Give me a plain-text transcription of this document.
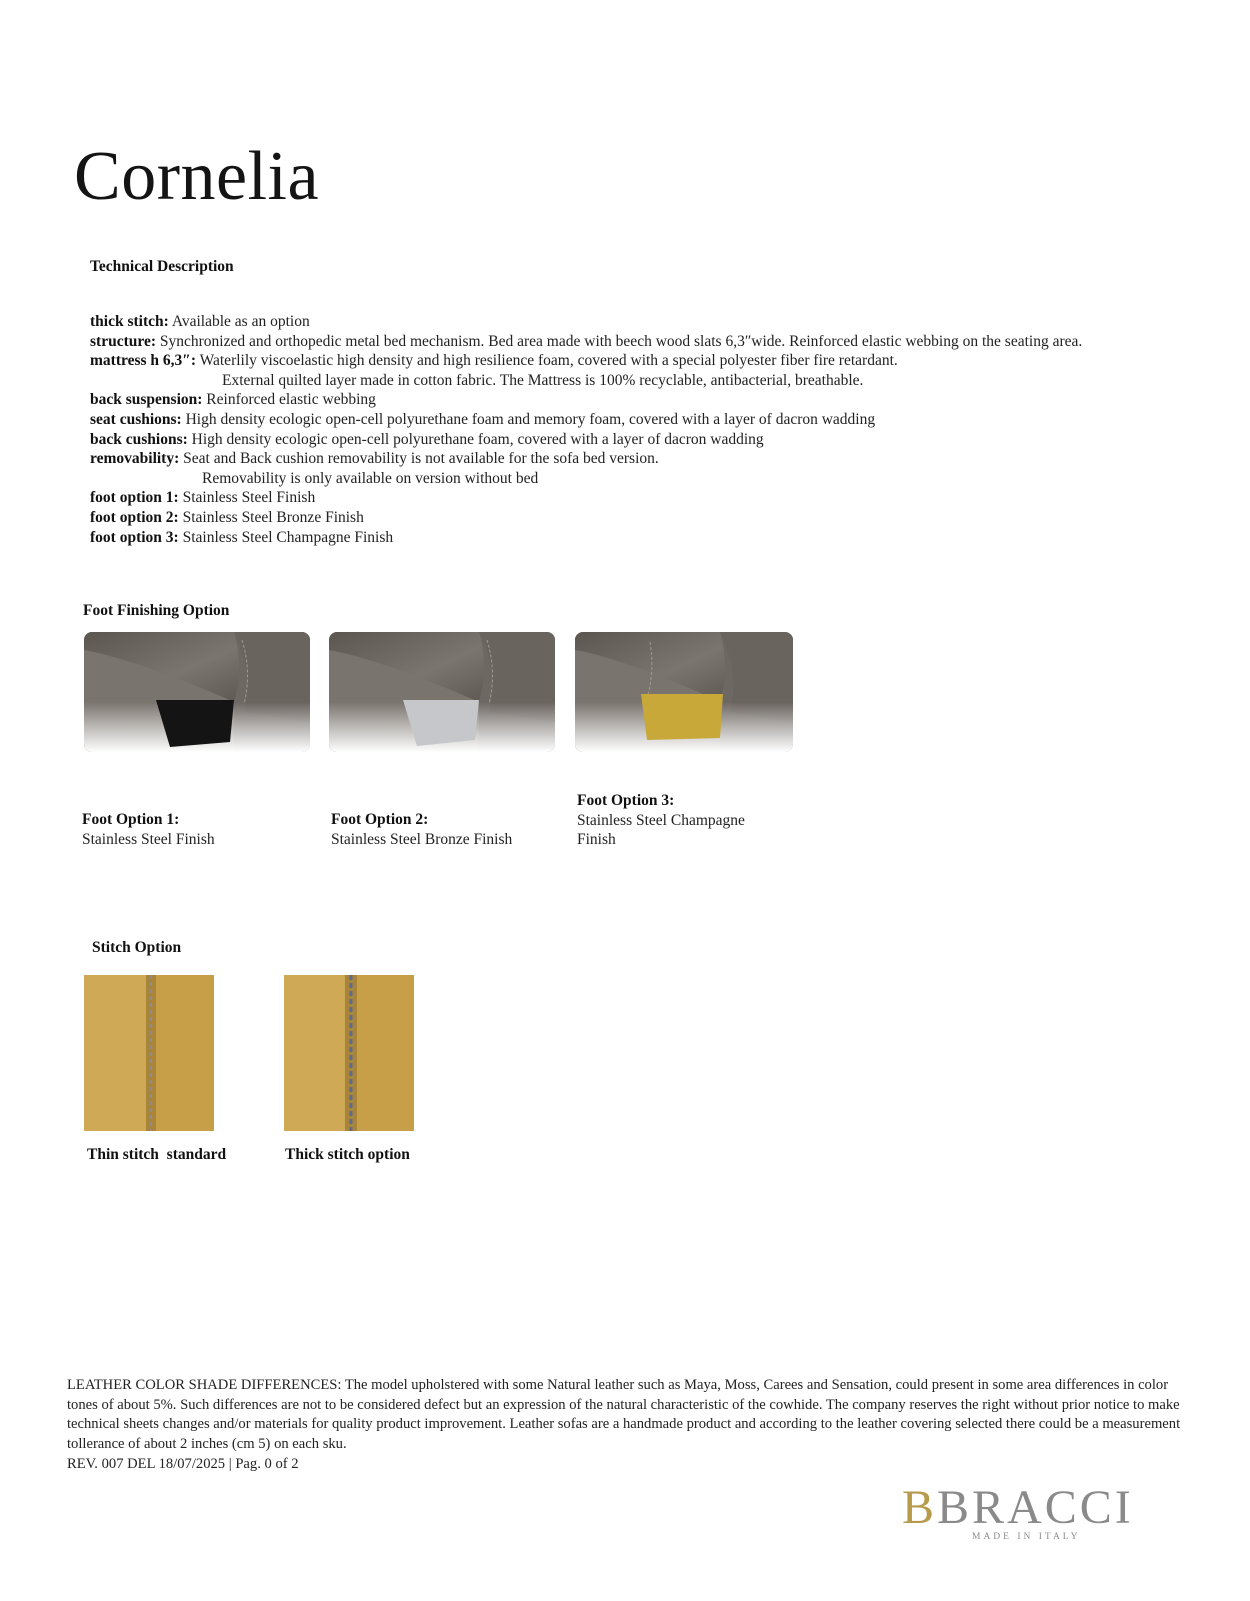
Cornelia
Technical Description
thick stitch: Available as an option
structure: Synchronized and orthopedic metal bed mechanism. Bed area made with beech wood slats 6,3″wide. Reinforced elastic webbing on the seating area.
mattress h 6,3″: Waterlily viscoelastic high density and high resilience foam, covered with a special polyester fiber fire retardant.
External quilted layer made in cotton fabric. The Mattress is 100% recyclable, antibacterial, breathable.
back suspension: Reinforced elastic webbing
seat cushions: High density ecologic open-cell polyurethane foam and memory foam, covered with a layer of dacron wadding
back cushions: High density ecologic open-cell polyurethane foam, covered with a layer of dacron wadding
removability: Seat and Back cushion removability is not available for the sofa bed version.
Removability is only available on version without bed
foot option 1: Stainless Steel Finish
foot option 2: Stainless Steel Bronze Finish
foot option 3: Stainless Steel Champagne Finish
Foot Finishing Option
Foot Option 1:
Stainless Steel Finish
Foot Option 2:
Stainless Steel Bronze Finish
Foot Option 3:
Stainless Steel Champagne
Finish
Stitch Option
Thin stitch  standard	Thick stitch option
LEATHER COLOR SHADE DIFFERENCES: The model upholstered with some Natural leather such as Maya, Moss, Carees and Sensation, could present in some area differences in color tones of about 5%. Such differences are not to be considered defect but an expression of the natural characteristic of the cowhide. The company reserves the right without prior notice to make technical sheets changes and/or materials for quality product improvement. Leather sofas are a handmade product and according to the leather covering selected there could be a measurement tollerance of about 2 inches (cm 5) on each sku.
REV. 007 DEL 18/07/2025 | Pag. 0 of 2
BBRACCI
MADE IN ITALY
